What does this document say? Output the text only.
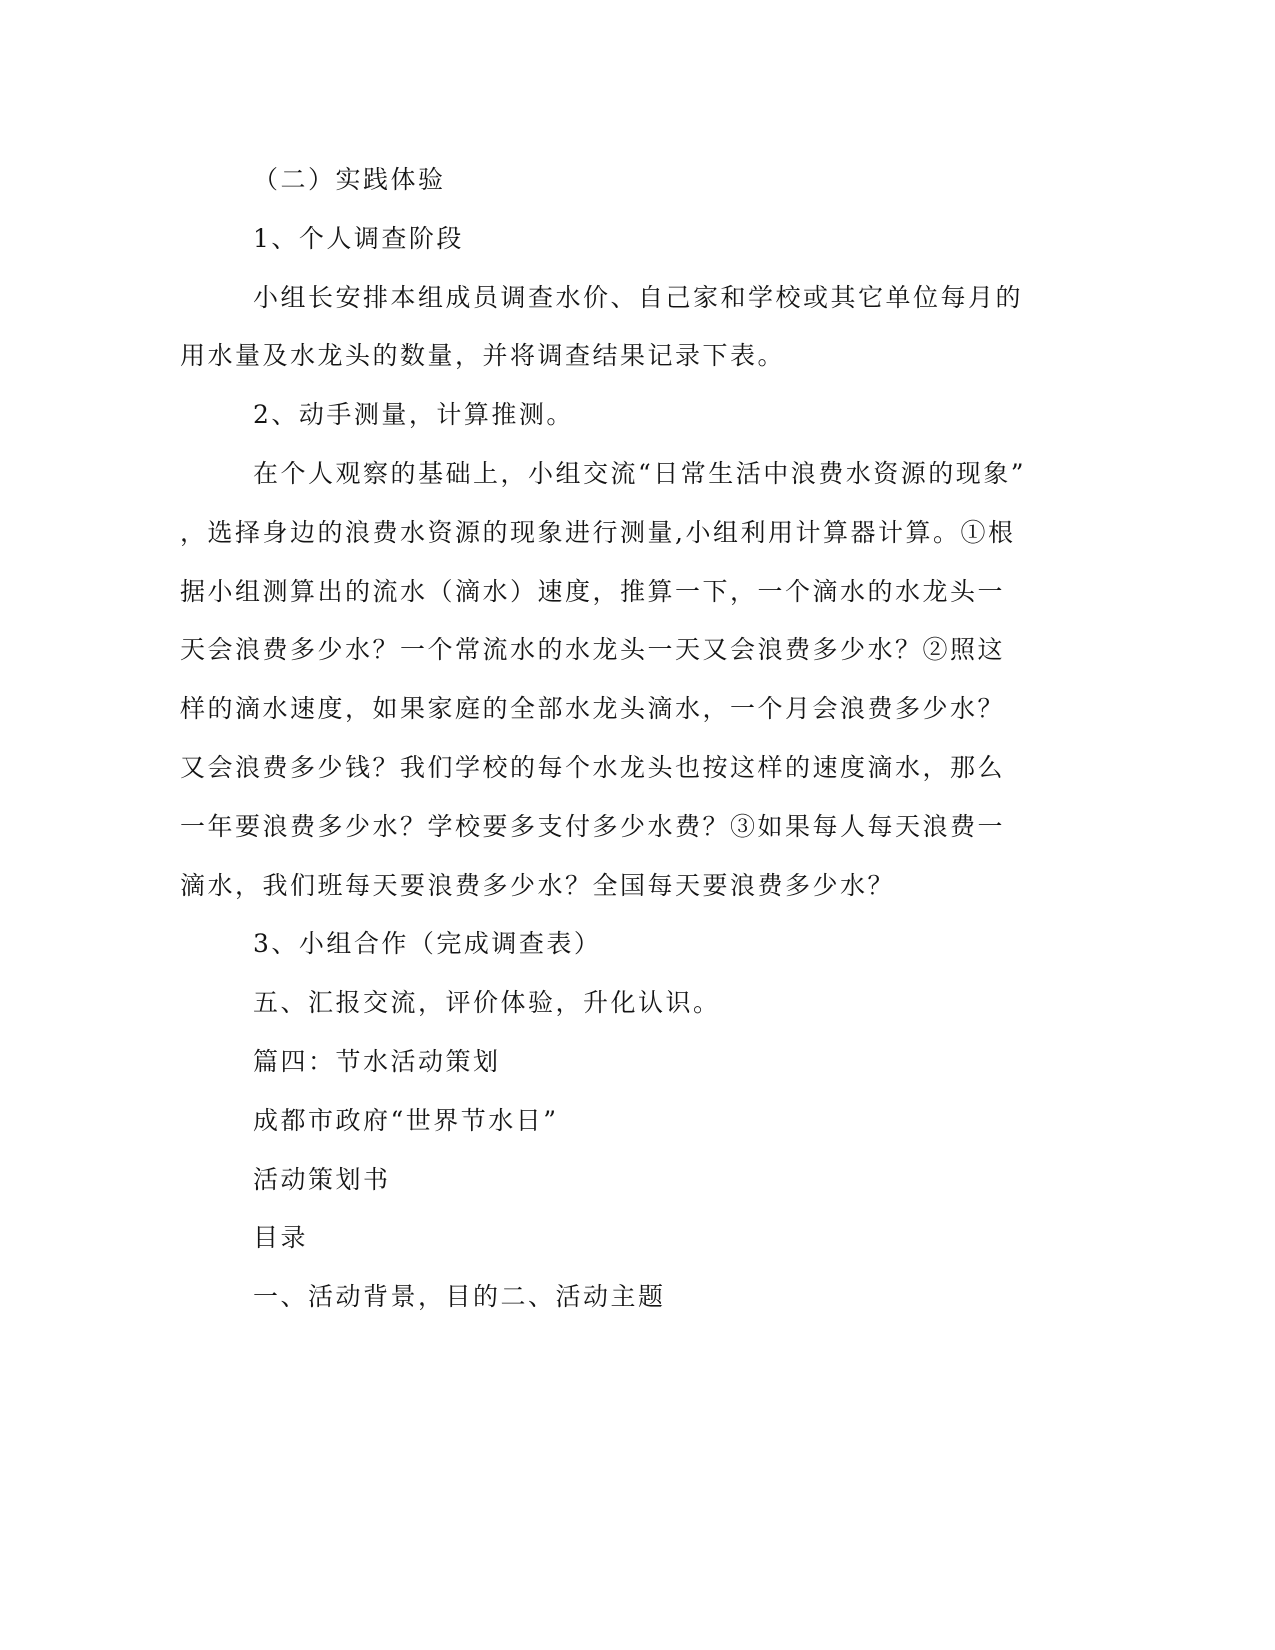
（二）实践体验
1、个人调查阶段
小组长安排本组成员调查水价、自己家和学校或其它单位每月的
用水量及水龙头的数量，并将调查结果记录下表。
2、动手测量，计算推测。
在个人观察的基础上，小组交流“日常生活中浪费水资源的现象”
，选择身边的浪费水资源的现象进行测量,小组利用计算器计算。①根
据小组测算出的流水（滴水）速度，推算一下，一个滴水的水龙头一
天会浪费多少水？一个常流水的水龙头一天又会浪费多少水？②照这
样的滴水速度，如果家庭的全部水龙头滴水，一个月会浪费多少水？
又会浪费多少钱？我们学校的每个水龙头也按这样的速度滴水，那么
一年要浪费多少水？学校要多支付多少水费？③如果每人每天浪费一
滴水，我们班每天要浪费多少水？全国每天要浪费多少水？
3、小组合作（完成调查表）
五、汇报交流，评价体验，升化认识。
篇四：节水活动策划
成都市政府“世界节水日”
活动策划书
目录
一、活动背景，目的二、活动主题
